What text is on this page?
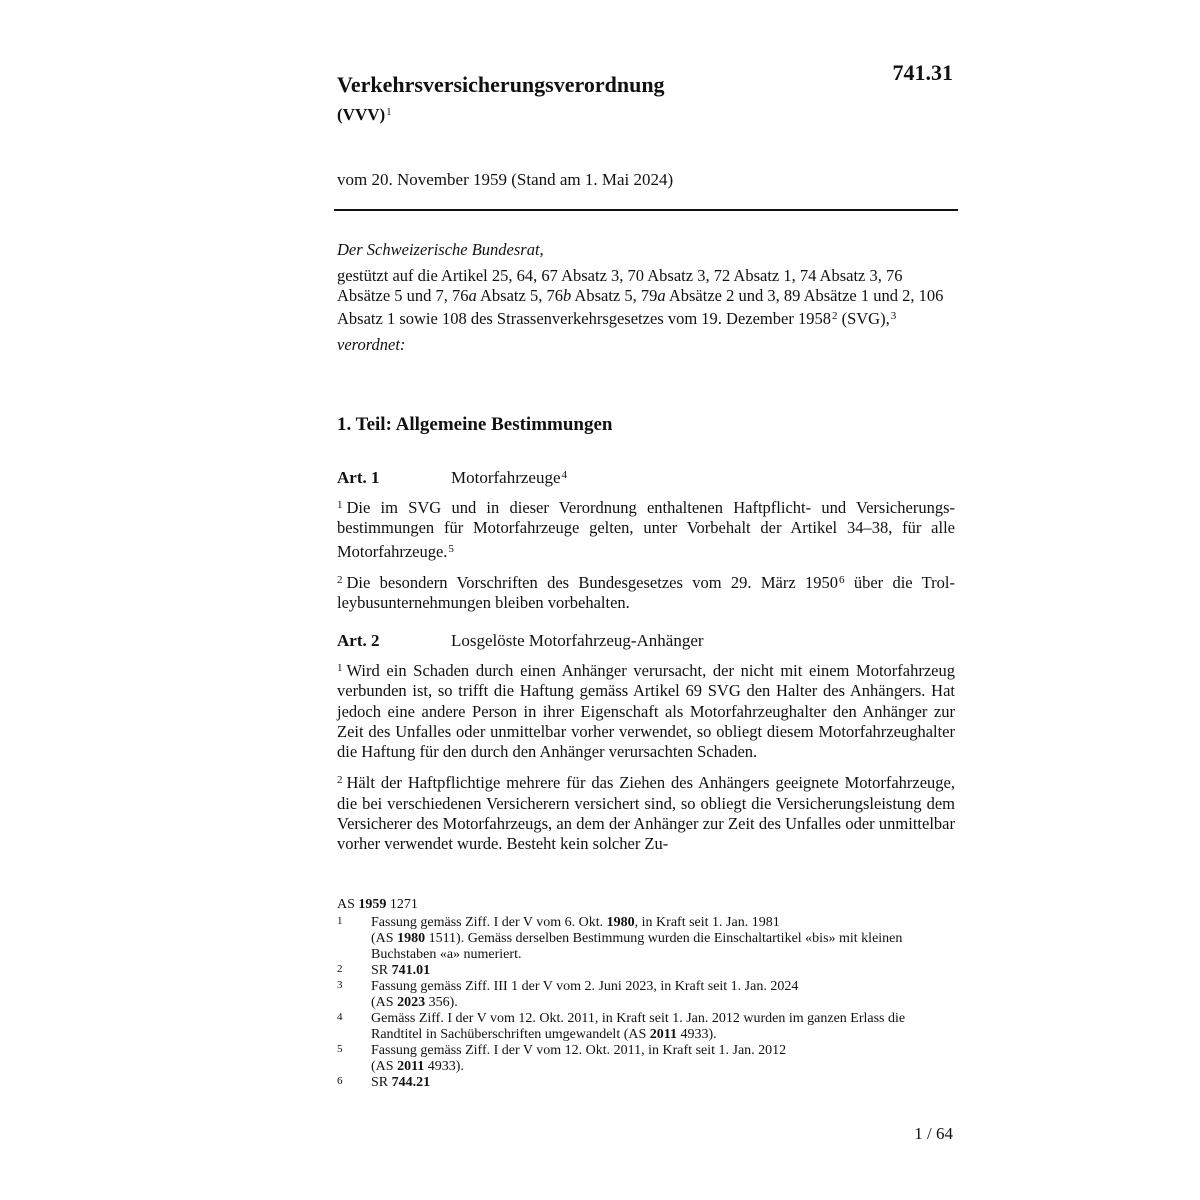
741.31

Verkehrsversicherungsverordnung

(VVV)$^1$

vom 20. November 1959 (Stand am 1. Mai 2024)

Der Schweizerische Bundesrat,

gestützt auf die Artikel 25, 64, 67 Absatz 3, 70 Absatz 3, 72 Absatz 1, 74 Absatz 3, 76 Absätze 5 und 7, 76a Absatz 5, 76b Absatz 5, 79a Absätze 2 und 3, 89 Absätze 1 und 2, 106 Absatz 1 sowie 108 des Strassenverkehrsgesetzes vom 19. Dezember 1958$^2$ (SVG),$^3$

verordnet:

1. Teil: Allgemeine Bestimmungen

Art. 1	Motorfahrzeuge$^4$

$^1$ Die im SVG und in dieser Verordnung enthaltenen Haftpflicht- und Versicherungsbestimmungen für Motorfahrzeuge gelten, unter Vorbehalt der Artikel 34–38, für alle Motorfahrzeuge.$^5$

$^2$ Die besondern Vorschriften des Bundesgesetzes vom 29. März 1950$^6$ über die Trolleybusunternehmungen bleiben vorbehalten.

Art. 2	Losgelöste Motorfahrzeug-Anhänger

$^1$ Wird ein Schaden durch einen Anhänger verursacht, der nicht mit einem Motorfahrzeug verbunden ist, so trifft die Haftung gemäss Artikel 69 SVG den Halter des Anhängers. Hat jedoch eine andere Person in ihrer Eigenschaft als Motorfahrzeughalter den Anhänger zur Zeit des Unfalles oder unmittelbar vorher verwendet, so obliegt diesem Motorfahrzeughalter die Haftung für den durch den Anhänger verursachten Schaden.

$^2$ Hält der Haftpflichtige mehrere für das Ziehen des Anhängers geeignete Motorfahrzeuge, die bei verschiedenen Versicherern versichert sind, so obliegt die Versicherungsleistung dem Versicherer des Motorfahrzeugs, an dem der Anhänger zur Zeit des Unfalles oder unmittelbar vorher verwendet wurde. Besteht kein solcher Zu-

AS 1959 1271

1 Fassung gemäss Ziff. I der V vom 6. Okt. 1980, in Kraft seit 1. Jan. 1981
(AS 1980 1511). Gemäss derselben Bestimmung wurden die Einschaltartikel «bis» mit kleinen Buchstaben «a» numeriert.

2 SR 741.01

3 Fassung gemäss Ziff. III 1 der V vom 2. Juni 2023, in Kraft seit 1. Jan. 2024
(AS 2023 356).

4 Gemäss Ziff. I der V vom 12. Okt. 2011, in Kraft seit 1. Jan. 2012 wurden im ganzen Erlass die Randtitel in Sachüberschriften umgewandelt (AS 2011 4933).

5 Fassung gemäss Ziff. I der V vom 12. Okt. 2011, in Kraft seit 1. Jan. 2012
(AS 2011 4933).

6 SR 744.21

1 / 64
